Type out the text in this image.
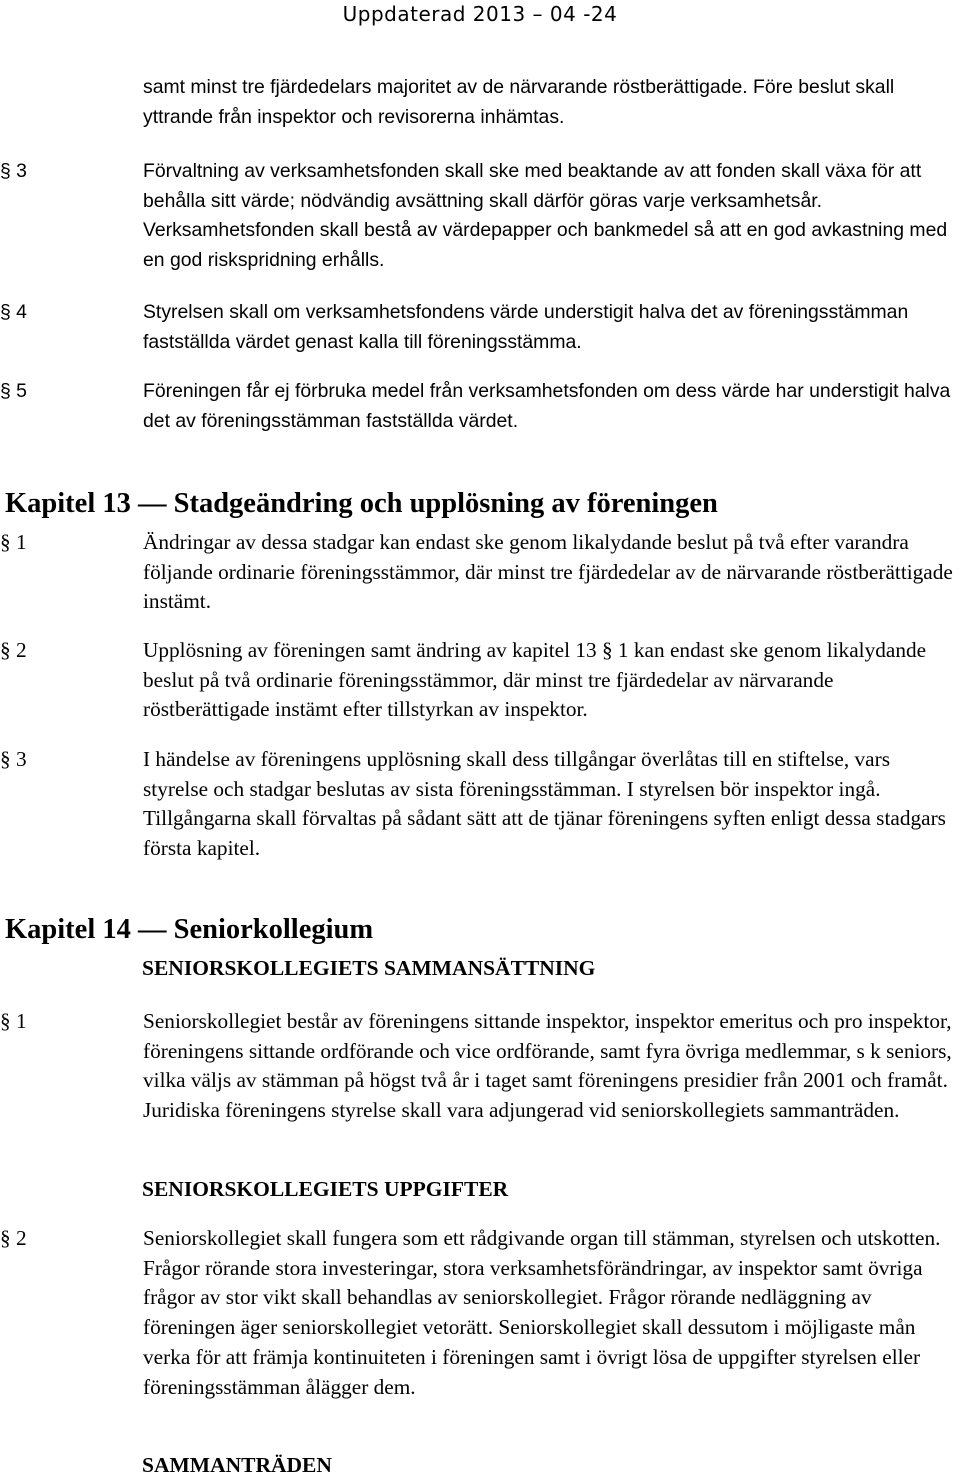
Uppdaterad 2013 – 04 -24
samt minst tre fjärdedelars majoritet av de närvarande röstberättigade. Före beslut skall yttrande från inspektor och revisorerna inhämtas.
§ 3	Förvaltning av verksamhetsfonden skall ske med beaktande av att fonden skall växa för att behålla sitt värde; nödvändig avsättning skall därför göras varje verksamhetsår. Verksamhetsfonden skall bestå av värdepapper och bankmedel så att en god avkastning med en god riskspridning erhålls.
§ 4	Styrelsen skall om verksamhetsfondens värde understigit halva det av föreningsstämman fastställda värdet genast kalla till föreningsstämma.
§ 5	Föreningen får ej förbruka medel från verksamhetsfonden om dess värde har understigit halva det av föreningsstämman fastställda värdet.
Kapitel 13 — Stadgeändring och upplösning av föreningen
§ 1	Ändringar av dessa stadgar kan endast ske genom likalydande beslut på två efter varandra följande ordinarie föreningsstämmor, där minst tre fjärdedelar av de närvarande röstberättigade instämt.
§ 2	Upplösning av föreningen samt ändring av kapitel 13 § 1 kan endast ske genom likalydande beslut på två ordinarie föreningsstämmor, där minst tre fjärdedelar av närvarande röstberättigade instämt efter tillstyrkan av inspektor.
§ 3	I händelse av föreningens upplösning skall dess tillgångar överlåtas till en stiftelse, vars styrelse och stadgar beslutas av sista föreningsstämman. I styrelsen bör inspektor ingå. Tillgångarna skall förvaltas på sådant sätt att de tjänar föreningens syften enligt dessa stadgars första kapitel.
Kapitel 14 — Seniorkollegium
SENIORSKOLLEGIETS SAMMANSÄTTNING
§ 1	Seniorskollegiet består av föreningens sittande inspektor, inspektor emeritus och pro inspektor, föreningens sittande ordförande och vice ordförande, samt fyra övriga medlemmar, s k seniors, vilka väljs av stämman på högst två år i taget samt föreningens presidier från 2001 och framåt. Juridiska föreningens styrelse skall vara adjungerad vid seniorskollegiets sammanträden.
SENIORSKOLLEGIETS UPPGIFTER
§ 2	Seniorskollegiet skall fungera som ett rådgivande organ till stämman, styrelsen och utskotten. Frågor rörande stora investeringar, stora verksamhetsförändringar, av inspektor samt övriga frågor av stor vikt skall behandlas av seniorskollegiet. Frågor rörande nedläggning av föreningen äger seniorskollegiet vetorätt. Seniorskollegiet skall dessutom i möjligaste mån verka för att främja kontinuiteten i föreningen samt i övrigt lösa de uppgifter styrelsen eller föreningsstämman ålägger dem.
SAMMANTRÄDEN
